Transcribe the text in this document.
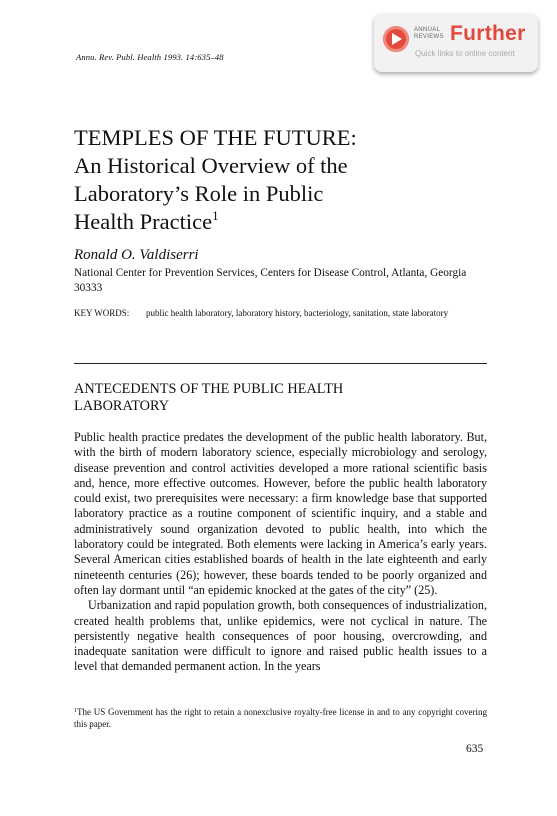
Annu. Rev. Publ. Health 1993. 14:635–48
ANNUAL
REVIEWS Further
Quick links to online content
TEMPLES OF THE FUTURE:
An Historical Overview of the
Laboratory’s Role in Public
Health Practice$^1$
Ronald O. Valdiserri
National Center for Prevention Services, Centers for Disease Control, Atlanta, Georgia 30333
KEY WORDS:	public health laboratory, laboratory history, bacteriology, sanitation, state laboratory
ANTECEDENTS OF THE PUBLIC HEALTH
LABORATORY

Public health practice predates the development of the public health laboratory. But, with the birth of modern laboratory science, especially microbiology and serology, disease prevention and control activities developed a more rational scientific basis and, hence, more effective outcomes. However, before the public health laboratory could exist, two prerequisites were necessary: a firm knowledge base that supported laboratory practice as a routine component of scientific inquiry, and a stable and administratively sound organization devoted to public health, into which the laboratory could be integrated. Both elements were lacking in America’s early years. Several American cities established boards of health in the late eighteenth and early nineteenth centuries (26); however, these boards tended to be poorly organized and often lay dormant until “an epidemic knocked at the gates of the city” (25).

Urbanization and rapid population growth, both consequences of industrialization, created health problems that, unlike epidemics, were not cyclical in nature. The persistently negative health consequences of poor housing, overcrowding, and inadequate sanitation were difficult to ignore and raised public health issues to a level that demanded permanent action. In the years

$^1$The US Government has the right to retain a nonexclusive royalty-free license in and to any copyright covering this paper.
635
